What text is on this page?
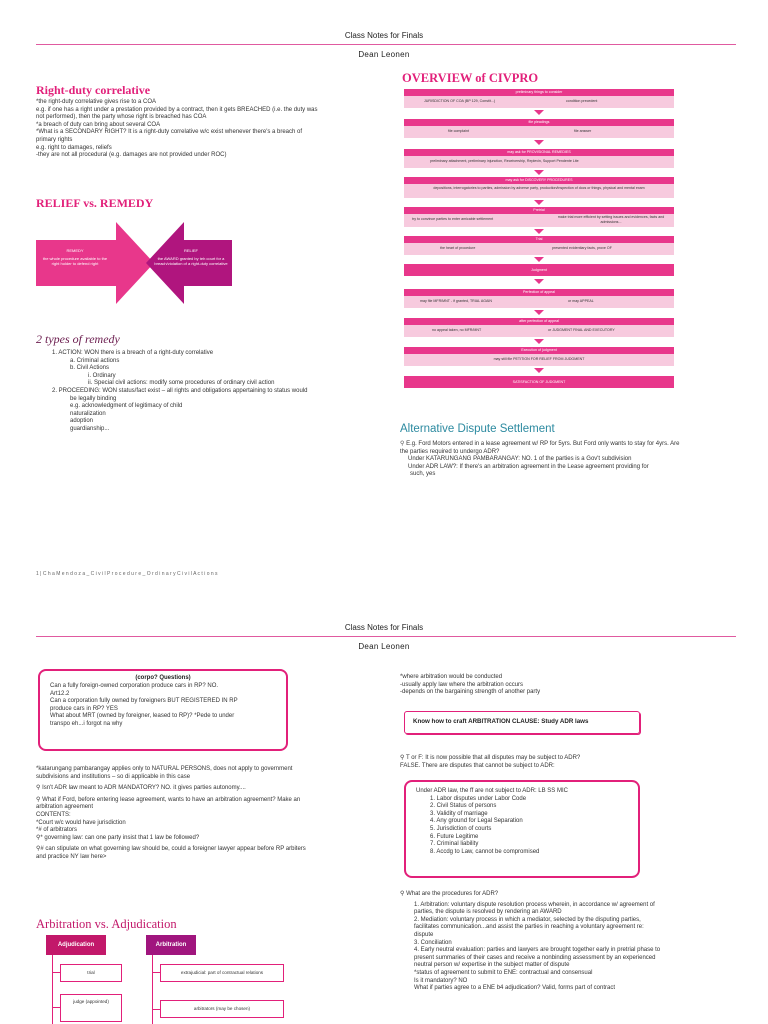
Class Notes for Finals
Dean Leonen
Right-duty correlative

*the right-duty correlative gives rise to a COA

e.g. if one has a right under a prestation provided by a contract, then it gets BREACHED (i.e. the duty was

not performed), then the party whose right is breached has COA

*a breach of duty can bring about several COA

*What is a SECONDARY RIGHT? It is a right-duty correlative w/c exist whenever there's a breach of

primary rights

e.g. right to damages, reliefs

-they are not all procedural (e.g. damages are not provided under ROC)

RELIEF vs. REMEDY
REMEDY
the whole procedure available to the right holder to defend right
RELIEF
the AWARD granted by teh court for a breach/violation of a right-duty correlative
2 types of remedy

1. ACTION: WON there is a breach of a right-duty correlative

a. Criminal actions

b. Civil Actions

i. Ordinary

ii. Special civil actions: modify some procedures of ordinary civil action

2. PROCEEDING: WON status/fact exist – all rights and obligations appertaining to status would

be legally binding

e.g. acknowledgment of legitimacy of child

naturalization

adoption

guardianship...

OVERVIEW of CIVPRO
preliminary things to consider
JURISDICTION OF COA (BP 129, Constit...)	condition precedent
file pleadings
file complaint	file answer
may ask for PROVISIONAL REMEDIES
preliminary attachment, preliminary injunction, Receivership, Replevin, Support Pendente Lite
may ask for DISCOVERY PROCEDURES
depositions, interrogatories to parties, admission by adverse party, production/inspection of docs or things, physical and mental exam
Pretrial
try to convince parties to enter amicable settlement	make trial more efficient by setting issues and evidences, facts and admissions...
Trial
the heart of procedure	presented evidentiary facts, prove OF
Judgment
Perfection of appeal
may file MFR/MNT - if granted, TRIAL AGAIN	or may APPEAL
after perfection of appeal
no appeal taken, no MFR/MNT	or JUDGMENT FINAL AND EXECUTORY
Execution of judgment
may still file PETITION FOR RELIEF FROM JUDGMENT
SATISFACTION OF JUDGMENT
Alternative Dispute Settlement

⚲ E.g. Ford Motors entered in a lease agreement w/ RP for 5yrs. But Ford only wants to stay for 4yrs. Are

the parties required to undergo ADR?

Under KATARUNGANG PAMBARANGAY: NO. 1 of the parties is a Gov't subdivision

Under ADR LAW?: If there's an arbitration agreement in the Lease agreement providing for

such, yes

1 | C h a M e n d o z a _ C i v i l P r o c e d u r e _ O r d i n a r y C i v i l A c t i o n s
Class Notes for Finals
Dean Leonen
(corpo? Questions)

Can a fully foreign-owned corporation produce cars in RP? NO.

Art12.2

Can a corporation fully owned by foreigners BUT REGISTERED IN RP

produce cars in RP? YES

What about MRT (owned by foreigner, leased to RP)? *Pede to under

transpo eh...i forgot na why

*katarungang pambarangay applies only to NATURAL PERSONS, does not apply to government

subdivisions and institutions – so di applicable in this case

⚲ Isn't ADR law meant to ADR MANDATORY? NO. it gives parties autonomy....

⚲ What if Ford, before entering lease agreement, wants to have an arbitration agreement? Make an

arbitration agreement

CONTENTS:

*Court w/c would have jurisdiction

*# of arbitrators

⚲* governing law: can one party insist that 1 law be followed?

⚲# can stipulate on what governing law should be, could a foreigner lawyer appear before RP arbiters

and practice NY law here>

Arbitration vs. Adjudication
Adjudication	Arbitration
trial
judge (appointed)
extrajudicial: part of contractual relations
arbitrators (may be chosen)

*where arbitration would be conducted

-usually apply law where the arbitration occurs

-depends on the bargaining strength of another party

Know how to craft ARBITRATION CLAUSE: Study ADR laws

⚲ T or F: It is now possible that all disputes may be subject to ADR?

FALSE. There are disputes that cannot be subject to ADR:

Under ADR law, the ff are not subject to ADR: LB SS MIC

1. Labor disputes under Labor Code

2. Civil Status of persons

3. Validity of marriage

4. Any ground for Legal Separation

5. Jurisdiction of courts

6. Future Legitime

7. Criminal liability

8. Accdg to Law, cannot be compromised

⚲ What are the procedures for ADR?

1. Arbitration: voluntary dispute resolution process wherein, in accordance w/ agreement of

parties, the dispute is resolved by rendering an AWARD

2. Mediation: voluntary process in which a mediator, selected by the disputing parties,

facilitates communication...and assist the parties in reaching a voluntary agreement re:

dispute

3. Conciliation

4. Early neutral evaluation: parties and lawyers are brought together early in pretrial phase to

present summaries of their cases and receive a nonbinding assessment by an experienced

neutral person w/ expertise in the subject matter of dispute

*status of agreement to submit to ENE: contractual and consensual

Is it mandatory? NO

What if parties agree to a ENE b4 adjudication? Valid, forms part of contract
